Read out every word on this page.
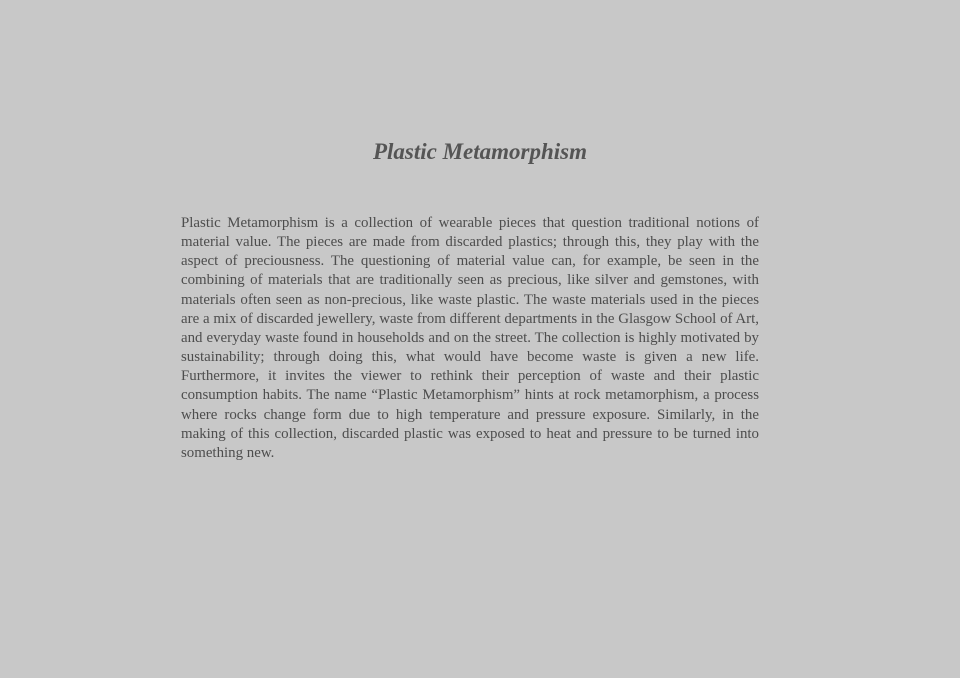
Plastic Metamorphism

Plastic Metamorphism is a collection of wearable pieces that question traditional notions of material value. The pieces are made from discarded plastics; through this, they play with the aspect of preciousness. The questioning of material value can, for example, be seen in the combining of materials that are traditionally seen as precious, like silver and gemstones, with materials often seen as non-precious, like waste plastic. The waste materials used in the pieces are a mix of discarded jewellery, waste from different departments in the Glasgow School of Art, and everyday waste found in households and on the street. The collection is highly motivated by sustainability; through doing this, what would have become waste is given a new life. Furthermore, it invites the viewer to rethink their perception of waste and their plastic consumption habits. The name “Plastic Metamorphism” hints at rock metamorphism, a process where rocks change form due to high temperature and pressure exposure. Similarly, in the making of this collection, discarded plastic was exposed to heat and pressure to be turned into something new.
